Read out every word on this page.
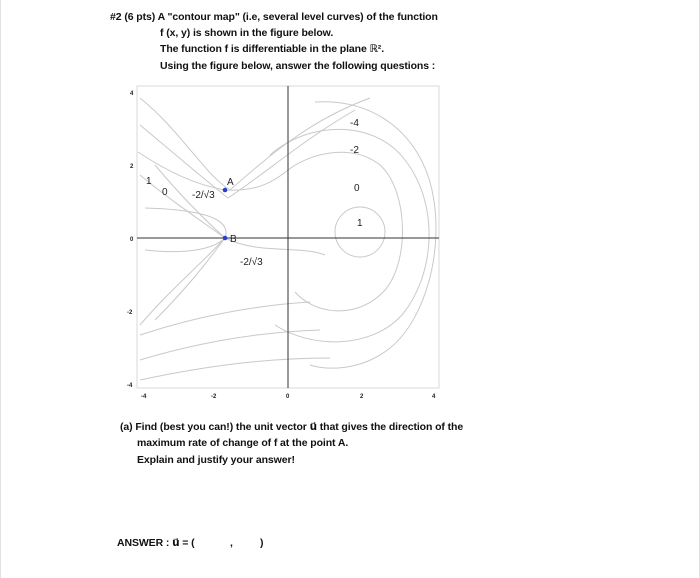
#2 (6 pts) A "contour map" (i.e, several level curves) of the function
f (x, y) is shown in the figure below.
The function f is differentiable in the plane ℝ².
Using the figure below, answer the following questions :
-4	-2	0	2	4
4
2
0
-2
-4
-4
-2
0
1
1
0 -2/√3
-2/√3
A
B
(a) Find (best you can!) the unit vector u⃗ that gives the direction of the
maximum rate of change of f at the point A.
Explain and justify your answer!
ANSWER : u⃗ = (	,	)
